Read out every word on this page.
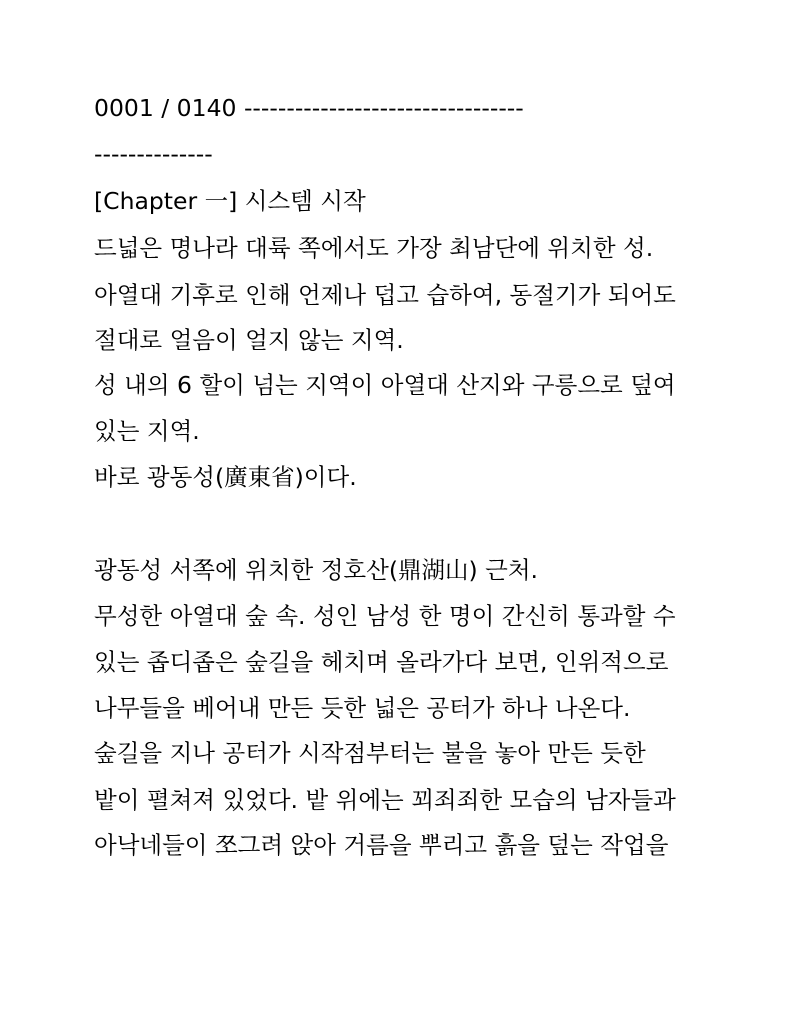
0001 / 0140 ---------------------------------
--------------
[Chapter 一] 시스템 시작
드넓은 명나라 대륙 쪽에서도 가장 최남단에 위치한 성.
아열대 기후로 인해 언제나 덥고 습하여, 동절기가 되어도
절대로 얼음이 얼지 않는 지역.
성 내의 6 할이 넘는 지역이 아열대 산지와 구릉으로 덮여
있는 지역.
바로 광동성(廣東省)이다.
광동성 서쪽에 위치한 정호산(鼎湖山) 근처.
무성한 아열대 숲 속. 성인 남성 한 명이 간신히 통과할 수
있는 좁디좁은 숲길을 헤치며 올라가다 보면, 인위적으로
나무들을 베어내 만든 듯한 넓은 공터가 하나 나온다.
숲길을 지나 공터가 시작점부터는 불을 놓아 만든 듯한
밭이 펼쳐져 있었다. 밭 위에는 꾀죄죄한 모습의 남자들과
아낙네들이 쪼그려 앉아 거름을 뿌리고 흙을 덮는 작업을
